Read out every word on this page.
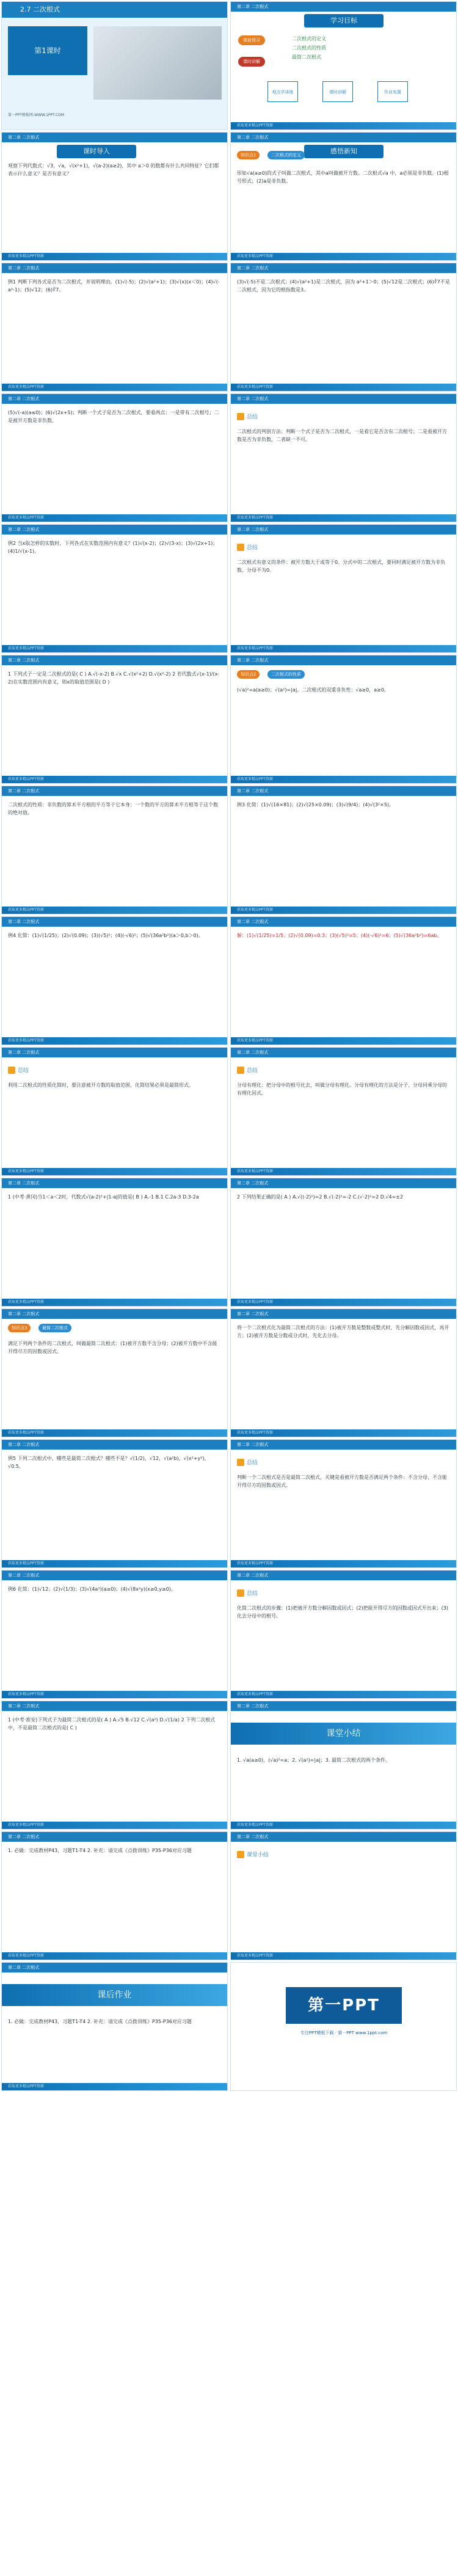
2.7 二次根式
第1课时
第一PPT模板网-WWW.1PPT.COM
第二章 二次根式
学习目标
课前预习
课时讲解
二次根式的定义
二次根式的性质
最简二次根式
观点学讲练	课时讲解	作业布置
获取更多精品PPT资源
第二章 二次根式
课时导入
观察下列代数式：√3，√a，√(x²+1)，√(a-2)(a≥2)，其中 a＞0 的数都有什么共同特征？它们都表示什么意义？是否有意义？
获取更多精品PPT资源
第二章 二次根式
感悟新知
知识点1	二次根式的定义
形如√a(a≥0)的式子叫做二次根式，其中a叫做被开方数。二次根式√a 中，a必须是非负数。(1)根号形式；(2)a是非负数。
获取更多精品PPT资源
第二章 二次根式
例1 判断下列各式是否为二次根式，并说明理由。(1)√(-5)；(2)√(a²+1)；(3)√(x)(x＜0)；(4)√(-a²-1)；(5)√12；(6)∛7。
获取更多精品PPT资源
第二章 二次根式
(3)√(-5)不是二次根式；(4)√(a²+1)是二次根式，因为 a²+1＞0；(5)√12是二次根式；(6)∛7不是二次根式，因为它的根指数是3。
获取更多精品PPT资源
第二章 二次根式
(5)√(-a)(a≤0)；(6)√(2x+5)；判断一个式子是否为二次根式，要看两点：一是带有二次根号；二是被开方数是非负数。
获取更多精品PPT资源
第二章 二次根式
总结
二次根式的判别方法：判断一个式子是否为二次根式，一是看它是否含有二次根号；二是看被开方数是否为非负数，二者缺一不可。
获取更多精品PPT资源
第二章 二次根式
例2 当x取怎样的实数时，下列各式在实数范围内有意义？(1)√(x-2)；(2)√(3-x)；(3)√(2x+1)；(4)1/√(x-1)。
获取更多精品PPT资源
第二章 二次根式
总结
二次根式有意义的条件：被开方数大于或等于0。分式中的二次根式，要同时满足被开方数为非负数、分母不为0。
获取更多精品PPT资源
第二章 二次根式
1 下列式子一定是二次根式的是( C ) A.√(-x-2) B.√x C.√(x²+2) D.√(x²-2) 2 若代数式√(x-1)/(x-2)在实数范围内有意义，则x的取值范围是( D )
获取更多精品PPT资源
第二章 二次根式
知识点2	二次根式的性质
(√a)²=a(a≥0)；√(a²)=|a|。二次根式的双重非负性：√a≥0，a≥0。
获取更多精品PPT资源
第二章 二次根式
二次根式的性质：非负数的算术平方根的平方等于它本身；一个数的平方的算术平方根等于这个数的绝对值。
获取更多精品PPT资源
第二章 二次根式
例3 化简：(1)√(16×81)；(2)√(25×0.09)；(3)√(9/4)；(4)√(3²×5)。
获取更多精品PPT资源
第二章 二次根式
例4 化简：(1)√(1/25)；(2)√(0.09)；(3)(√5)²；(4)(-√6)²；(5)√(36a²b²)(a＞0,b＞0)。
获取更多精品PPT资源
第二章 二次根式
解：(1)√(1/25)=1/5；(2)√(0.09)=0.3；(3)(√5)²=5；(4)(-√6)²=6；(5)√(36a²b²)=6ab。
获取更多精品PPT资源
第二章 二次根式
总结
利用二次根式的性质化简时，要注意被开方数的取值范围，化简结果必须是最简形式。
获取更多精品PPT资源
第二章 二次根式
总结
分母有理化：把分母中的根号化去，叫做分母有理化。分母有理化的方法是分子、分母同乘分母的有理化因式。
获取更多精品PPT资源
第二章 二次根式
1 (中考·黄冈)当1＜a＜2时，代数式√(a-2)²+|1-a|的值是( B ) A.-1 B.1 C.2a-3 D.3-2a
获取更多精品PPT资源
第二章 二次根式
2 下列结果正确的是( A ) A.√((-2)²)=2 B.√(-2)²=-2 C.(√-2)²=2 D.√4=±2
获取更多精品PPT资源
第二章 二次根式
知识点3	最简二次根式
满足下列两个条件的二次根式，叫做最简二次根式：(1)被开方数不含分母；(2)被开方数中不含能开得尽方的因数或因式。
获取更多精品PPT资源
第二章 二次根式
将一个二次根式化为最简二次根式的方法：(1)被开方数是整数或整式时，先分解因数或因式，再开方；(2)被开方数是分数或分式时，先化去分母。
获取更多精品PPT资源
第二章 二次根式
例5 下列二次根式中，哪些是最简二次根式？哪些不是？√(1/2)，√12，√(a²b)，√(x²+y²)，√0.5。
获取更多精品PPT资源
第二章 二次根式
总结
判断一个二次根式是否是最简二次根式，关键是看被开方数是否满足两个条件：不含分母、不含能开得尽方的因数或因式。
获取更多精品PPT资源
第二章 二次根式
例6 化简：(1)√12；(2)√(1/3)；(3)√(4a³)(a≥0)；(4)√(8x²y)(x≥0,y≥0)。
获取更多精品PPT资源
第二章 二次根式
总结
化简二次根式的步骤：(1)把被开方数分解因数或因式；(2)把能开得尽方的因数或因式开出来；(3)化去分母中的根号。
获取更多精品PPT资源
第二章 二次根式
1 (中考·淮安)下列式子为最简二次根式的是( A ) A.√5 B.√12 C.√(a²) D.√(1/a) 2 下列二次根式中，不是最简二次根式的是( C )
获取更多精品PPT资源
第二章 二次根式
课堂小结
1. √a(a≥0)，(√a)²=a；2. √(a²)=|a|；3. 最简二次根式的两个条件。
获取更多精品PPT资源
第二章 二次根式
1. 必做：完成教材P43，习题T1-T4 2. 补充：请完成《点拨训练》P35-P36对应习题
获取更多精品PPT资源
第二章 二次根式
课堂小结
获取更多精品PPT资源
第二章 二次根式
课后作业
1. 必做：完成教材P43，习题T1-T4 2. 补充：请完成《点拨训练》P35-P36对应习题
获取更多精品PPT资源
第一PPT
专注PPT模板下载 · 第一PPT www.1ppt.com
